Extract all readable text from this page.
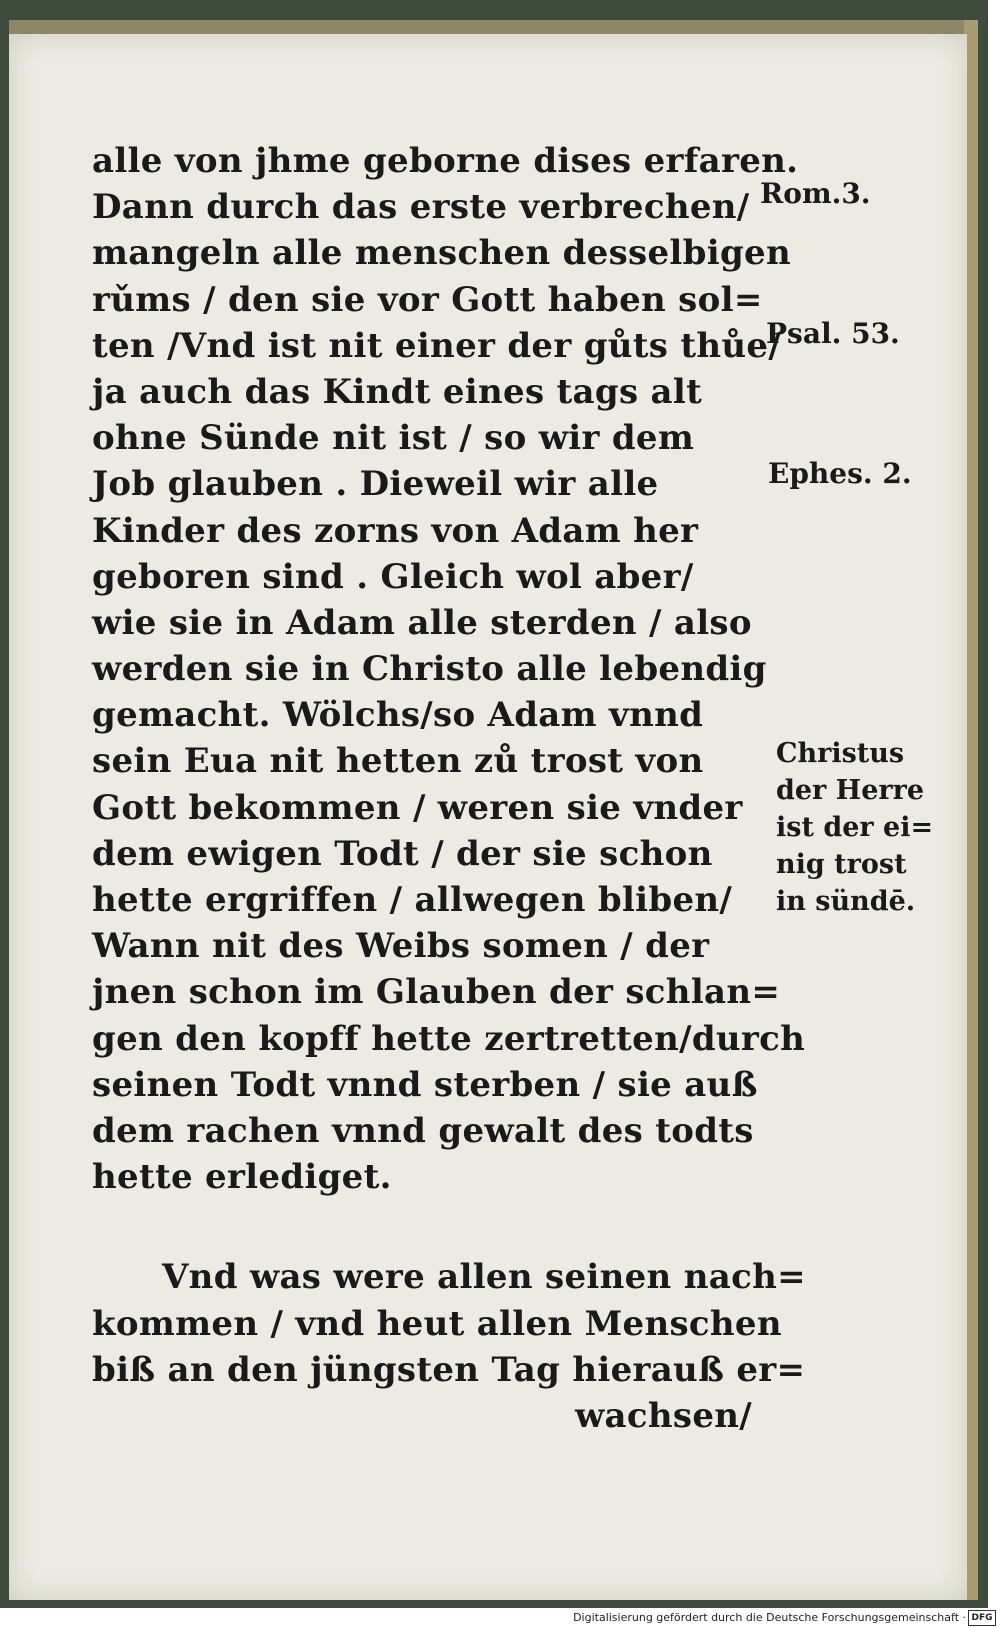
alle von jhme geborne dises erfaren.
Dann durch das erste verbrechen/
mangeln alle menschen desselbigen
rǔms / den sie vor Gott haben sol=
ten /Vnd ist nit einer der gůts thůe/
ja auch das Kindt eines tags alt
ohne Sünde nit ist / so wir dem
Job glauben . Dieweil wir alle
Kinder des zorns von Adam her
geboren sind . Gleich wol aber/
wie sie in Adam alle sterden / also
werden sie in Christo alle lebendig
gemacht. Wölchs/so Adam vnnd
sein Eua nit hetten zů trost von
Gott bekommen / weren sie vnder
dem ewigen Todt / der sie schon
hette ergriffen / allwegen bliben/
Wann nit des Weibs somen / der
jnen schon im Glauben der schlan=
gen den kopff hette zertretten/durch
seinen Todt vnnd sterben / sie auß
dem rachen vnnd gewalt des todts
hette erlediget.
Vnd was were allen seinen nach=
kommen / vnd heut allen Menschen
biß an den jüngsten Tag hierauß er=
wachsen/
Rom.3.
Psal. 53.
Ephes. 2.
Christus
der Herre
ist der ei=
nig trost
in sündē.
Digitalisierung gefördert durch die Deutsche Forschungsgemeinschaft · DFG
